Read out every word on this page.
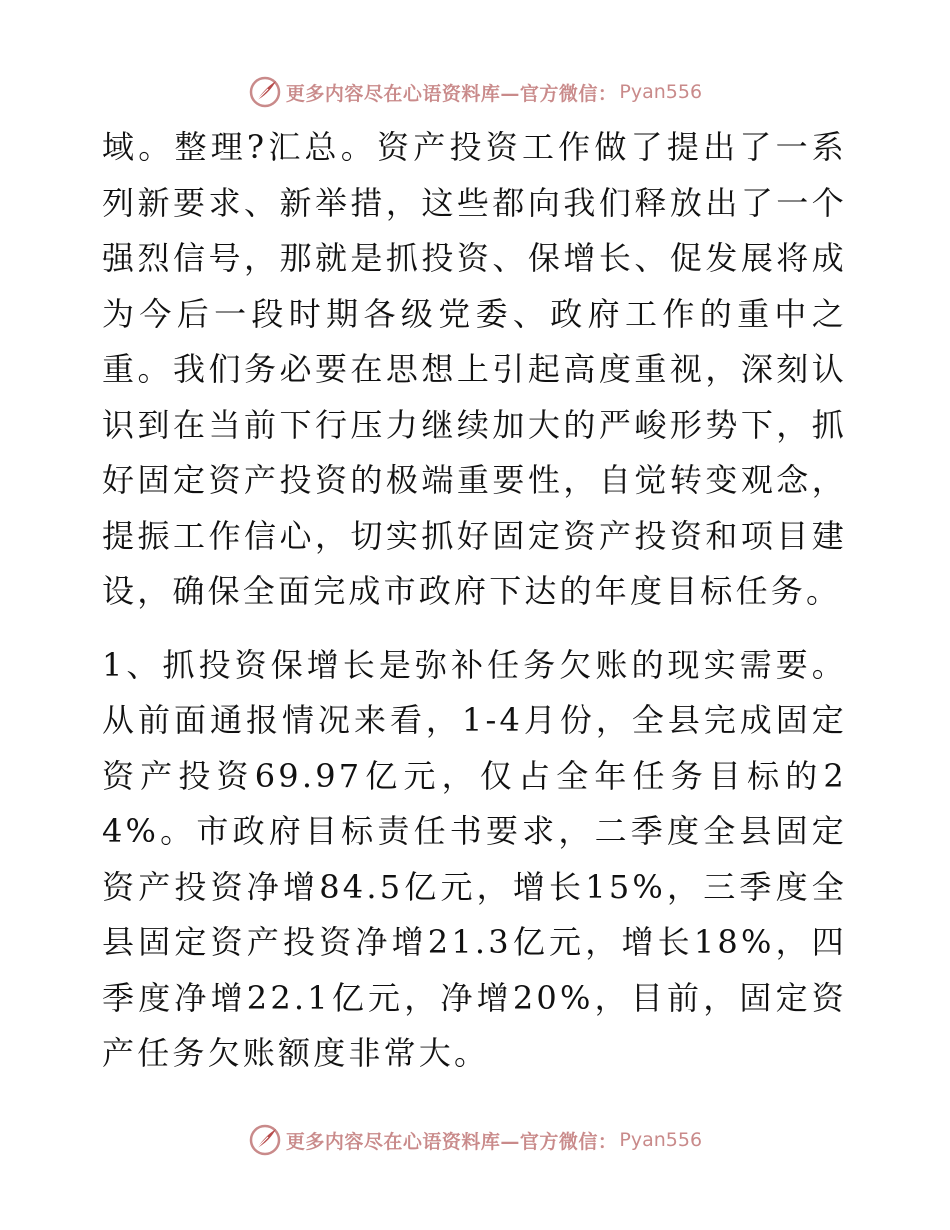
更多内容尽在心语资料库—官方微信： Pyan556

域。整理?汇总。资产投资工作做了提出了一系列新要求、新举措，这些都向我们释放出了一个强烈信号，那就是抓投资、保增长、促发展将成为今后一段时期各级党委、政府工作的重中之重。我们务必要在思想上引起高度重视，深刻认识到在当前下行压力继续加大的严峻形势下，抓好固定资产投资的极端重要性，自觉转变观念，提振工作信心，切实抓好固定资产投资和项目建设，确保全面完成市政府下达的年度目标任务。

1、抓投资保增长是弥补任务欠账的现实需要。从前面通报情况来看，1-4月份，全县完成固定资产投资69.97亿元，仅占全年任务目标的24%。市政府目标责任书要求，二季度全县固定资产投资净增84.5亿元，增长15%，三季度全县固定资产投资净增21.3亿元，增长18%，四季度净增22.1亿元，净增20%，目前，固定资产任务欠账额度非常大。

更多内容尽在心语资料库—官方微信： Pyan556
